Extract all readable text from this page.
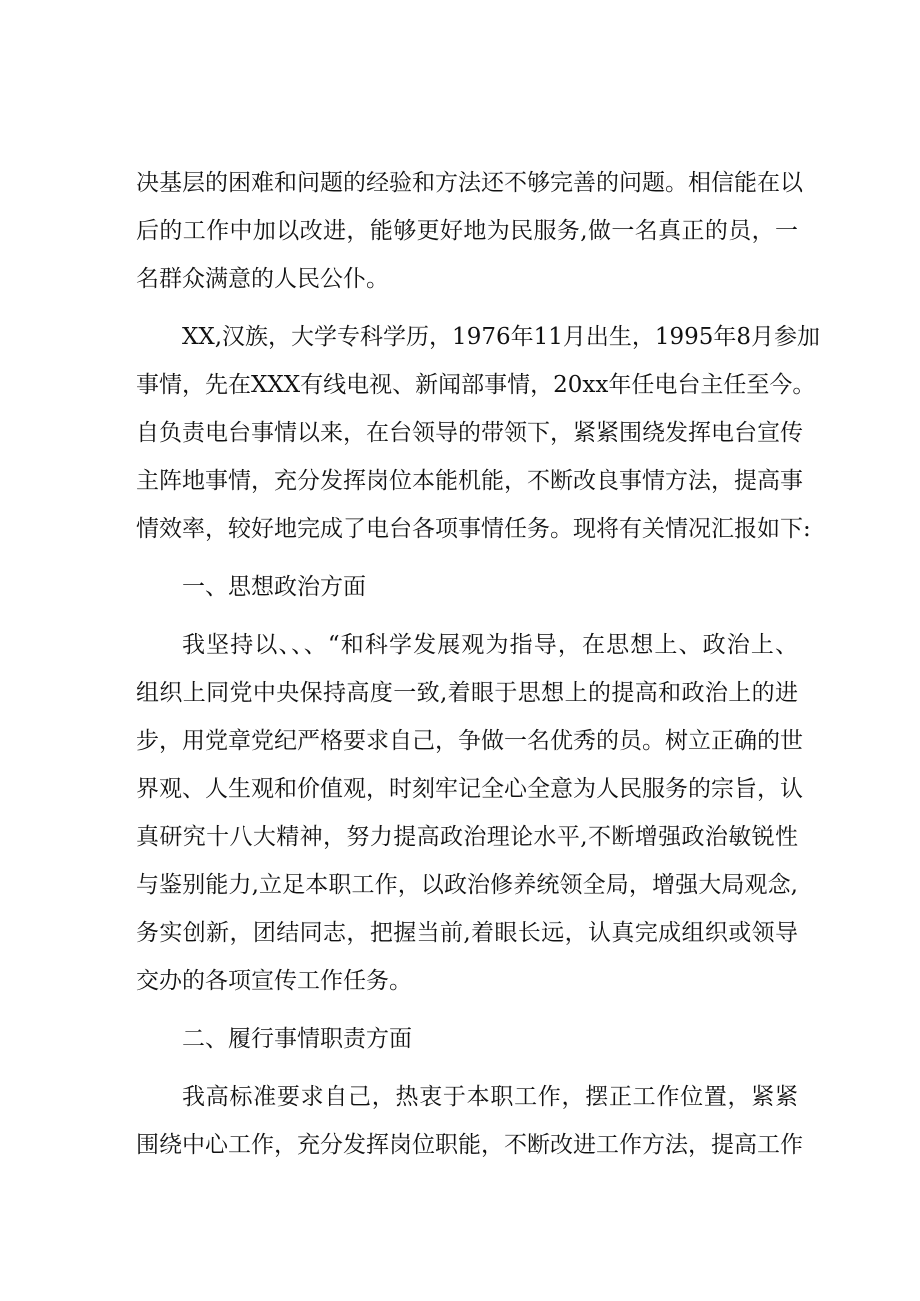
决基层的困难和问题的经验和方法还不够完善的问题。相信能在以
后的工作中加以改进，能够更好地为民服务,做一名真正的员，一
名群众满意的人民公仆。
XX,汉族，大学专科学历，1976年11月出生，1995年8月参加
事情，先在XXX有线电视、新闻部事情，20xx年任电台主任至今。
自负责电台事情以来，在台领导的带领下，紧紧围绕发挥电台宣传
主阵地事情，充分发挥岗位本能机能，不断改良事情方法，提高事
情效率，较好地完成了电台各项事情任务。现将有关情况汇报如下:
一、思想政治方面
我坚持以、、、“和科学发展观为指导，在思想上、政治上、
组织上同党中央保持高度一致,着眼于思想上的提高和政治上的进
步，用党章党纪严格要求自己，争做一名优秀的员。树立正确的世
界观、人生观和价值观，时刻牢记全心全意为人民服务的宗旨，认
真研究十八大精神，努力提高政治理论水平,不断增强政治敏锐性
与鉴别能力,立足本职工作，以政治修养统领全局，增强大局观念,
务实创新，团结同志，把握当前,着眼长远，认真完成组织或领导
交办的各项宣传工作任务。
二、履行事情职责方面
我高标准要求自己，热衷于本职工作，摆正工作位置，紧紧
围绕中心工作，充分发挥岗位职能，不断改进工作方法，提高工作
